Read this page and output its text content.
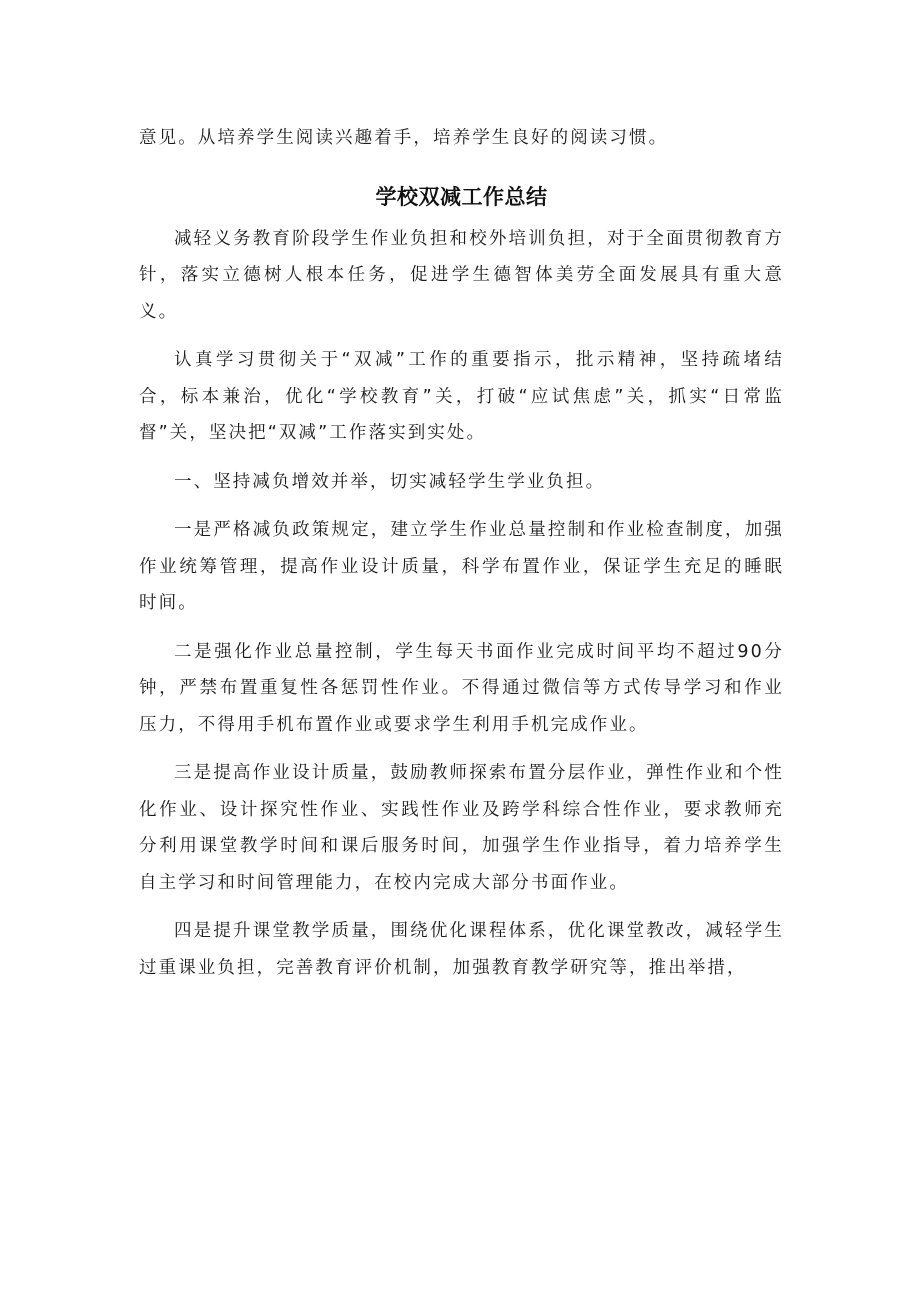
意见。从培养学生阅读兴趣着手，培养学生良好的阅读习惯。

学校双减工作总结

减轻义务教育阶段学生作业负担和校外培训负担，对于全面贯彻教育方针，落实立德树人根本任务，促进学生德智体美劳全面发展具有重大意义。

认真学习贯彻关于“双减”工作的重要指示，批示精神，坚持疏堵结合，标本兼治，优化“学校教育”关，打破“应试焦虑”关，抓实“日常监督”关，坚决把“双减”工作落实到实处。

一、坚持减负增效并举，切实减轻学生学业负担。

一是严格减负政策规定，建立学生作业总量控制和作业检查制度，加强作业统筹管理，提高作业设计质量，科学布置作业，保证学生充足的睡眠时间。

二是强化作业总量控制，学生每天书面作业完成时间平均不超过90分钟，严禁布置重复性各惩罚性作业。不得通过微信等方式传导学习和作业压力，不得用手机布置作业或要求学生利用手机完成作业。

三是提高作业设计质量，鼓励教师探索布置分层作业，弹性作业和个性化作业、设计探究性作业、实践性作业及跨学科综合性作业，要求教师充分利用课堂教学时间和课后服务时间，加强学生作业指导，着力培养学生自主学习和时间管理能力，在校内完成大部分书面作业。

四是提升课堂教学质量，围绕优化课程体系，优化课堂教改，减轻学生过重课业负担，完善教育评价机制，加强教育教学研究等，推出举措，
